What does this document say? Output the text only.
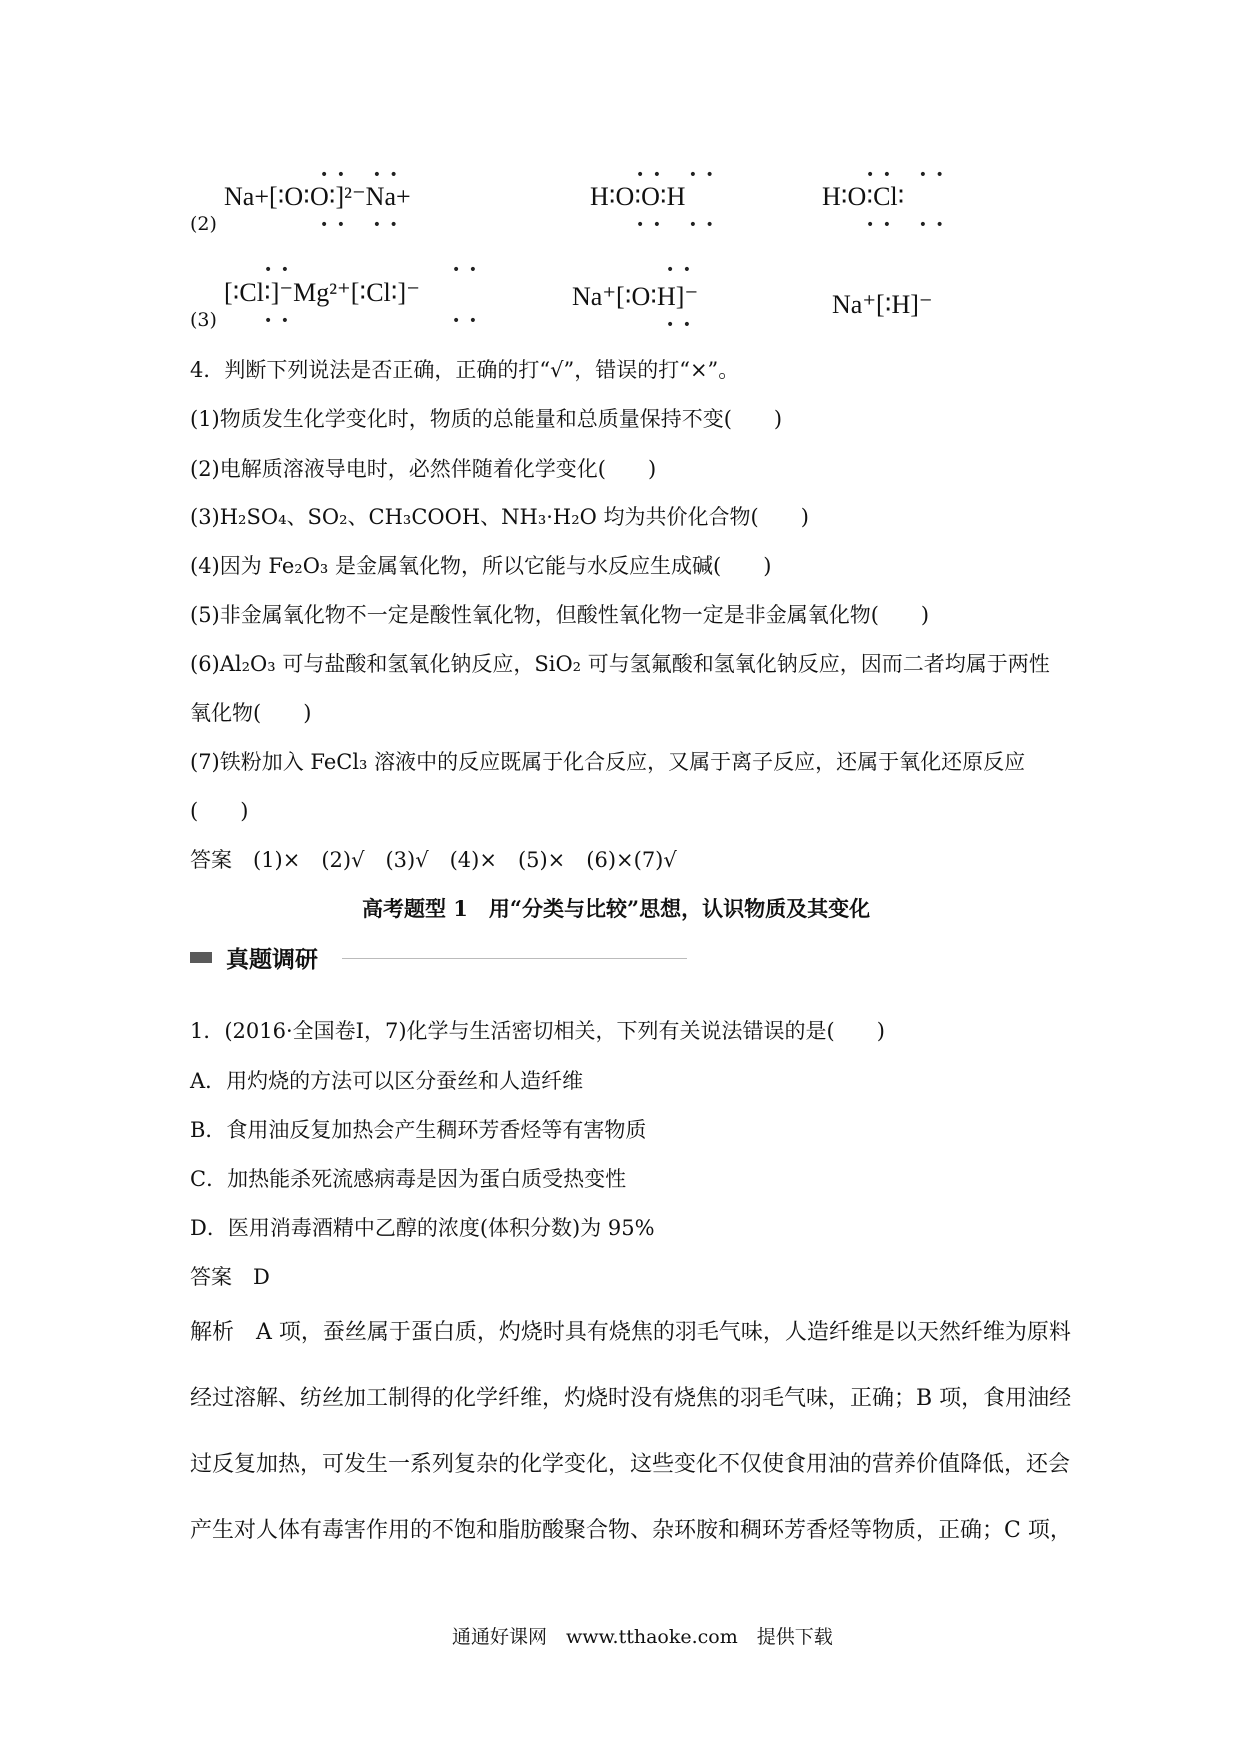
(2)
• •    • •
Na+[∶O∶O∶]²⁻Na+
• •    • •
• •    • •
H∶O∶O∶H
• •    • •
• •    • •
H∶O∶Cl∶
• •    • •
(3)
• •	• •
[∶Cl∶]⁻Mg²⁺[∶Cl∶]⁻
• •	• •
• •
Na⁺[∶O∶H]⁻
• •
Na⁺[∶H]⁻
4．判断下列说法是否正确，正确的打“√”，错误的打“×”。
(1)物质发生化学变化时，物质的总能量和总质量保持不变(　　)
(2)电解质溶液导电时，必然伴随着化学变化(　　)
(3)H₂SO₄、SO₂、CH₃COOH、NH₃·H₂O 均为共价化合物(　　)
(4)因为 Fe₂O₃ 是金属氧化物，所以它能与水反应生成碱(　　)
(5)非金属氧化物不一定是酸性氧化物，但酸性氧化物一定是非金属氧化物(　　)
(6)Al₂O₃ 可与盐酸和氢氧化钠反应，SiO₂ 可与氢氟酸和氢氧化钠反应，因而二者均属于两性
氧化物(　　)
(7)铁粉加入 FeCl₃ 溶液中的反应既属于化合反应，又属于离子反应，还属于氧化还原反应
(　　)
答案　(1)×　(2)√　(3)√　(4)×　(5)×　(6)×(7)√
高考题型 1　用“分类与比较”思想，认识物质及其变化
真题调研
1．(2016·全国卷Ⅰ，7)化学与生活密切相关，下列有关说法错误的是(　　)
A．用灼烧的方法可以区分蚕丝和人造纤维
B．食用油反复加热会产生稠环芳香烃等有害物质
C．加热能杀死流感病毒是因为蛋白质受热变性
D．医用消毒酒精中乙醇的浓度(体积分数)为 95%
答案　D
解析　A 项，蚕丝属于蛋白质，灼烧时具有烧焦的羽毛气味，人造纤维是以天然纤维为原料
经过溶解、纺丝加工制得的化学纤维，灼烧时没有烧焦的羽毛气味，正确；B 项，食用油经
过反复加热，可发生一系列复杂的化学变化，这些变化不仅使食用油的营养价值降低，还会
产生对人体有毒害作用的不饱和脂肪酸聚合物、杂环胺和稠环芳香烃等物质，正确；C 项，
通通好课网　www.tthaoke.com　提供下载
